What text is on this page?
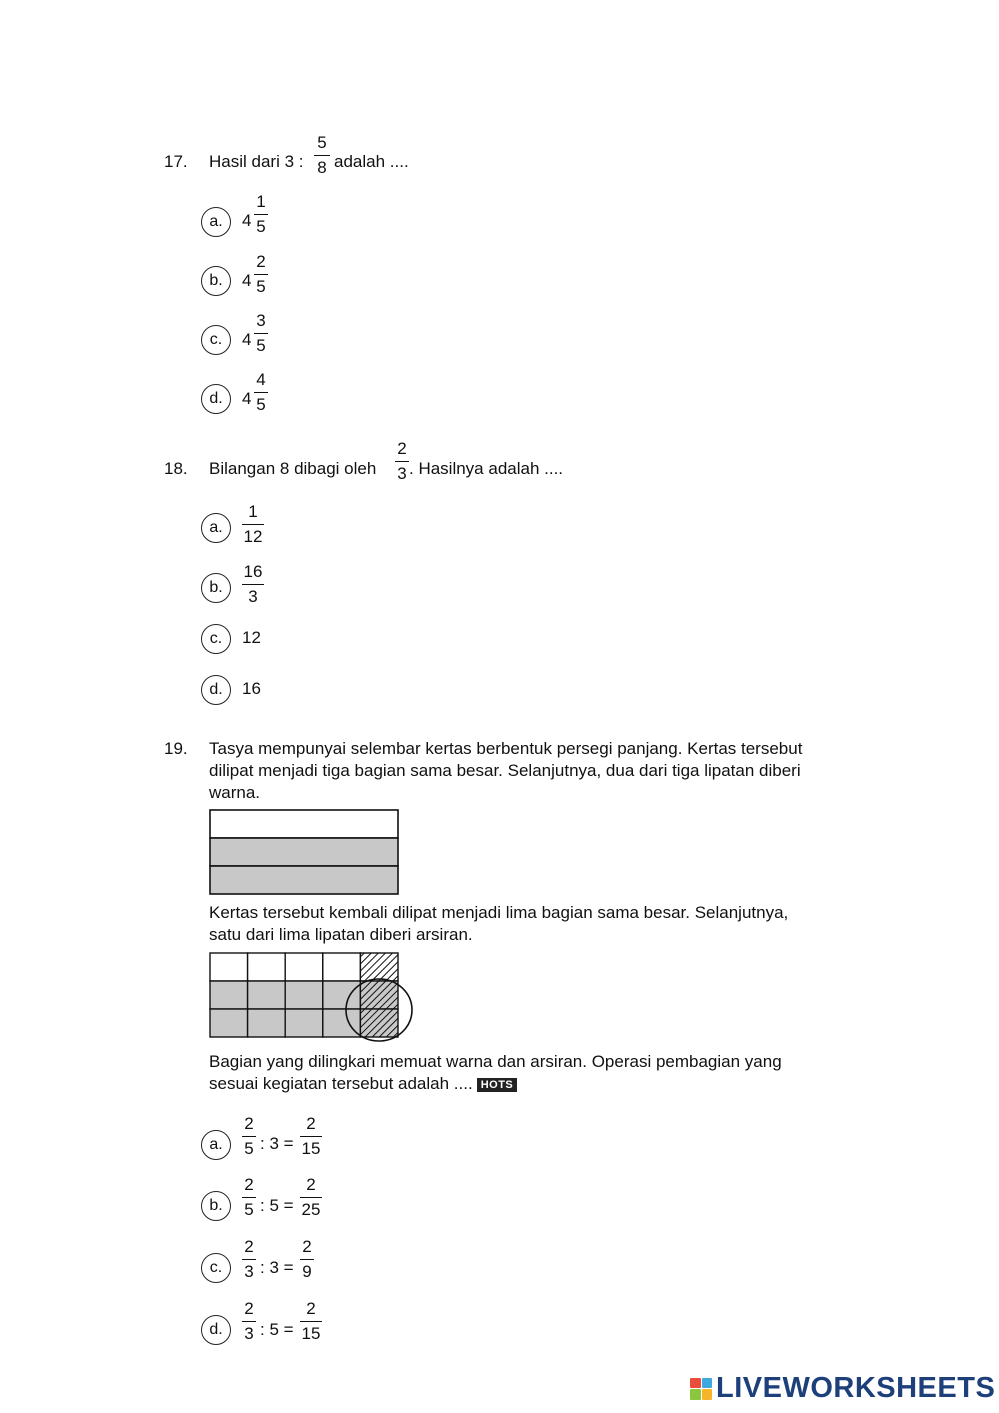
17. Hasil dari 3 :
5
8 adalah ....
a.	4
1
5
b.	4
2
5
c.	4
3
5
d.	4
4
5
18. Bilangan 8 dibagi oleh
2
3 . Hasilnya adalah ....
a.
1
12
b.
16
3
c.	12
d.	16
19. Tasya mempunyai selembar kertas berbentuk persegi panjang. Kertas tersebut
dilipat menjadi tiga bagian sama besar. Selanjutnya, dua dari tiga lipatan diberi
warna.
Kertas tersebut kembali dilipat menjadi lima bagian sama besar. Selanjutnya,
satu dari lima lipatan diberi arsiran.
Bagian yang dilingkari memuat warna dan arsiran. Operasi pembagian yang
sesuai kegiatan tersebut adalah .... HOTS
a.
2
5 : 3 =
2
15
b.
2
5 : 5 =
2
25
c.
2
3 : 3 =
2
9
d.
2
3 : 5 =
2
15
LIVEWORKSHEETS
